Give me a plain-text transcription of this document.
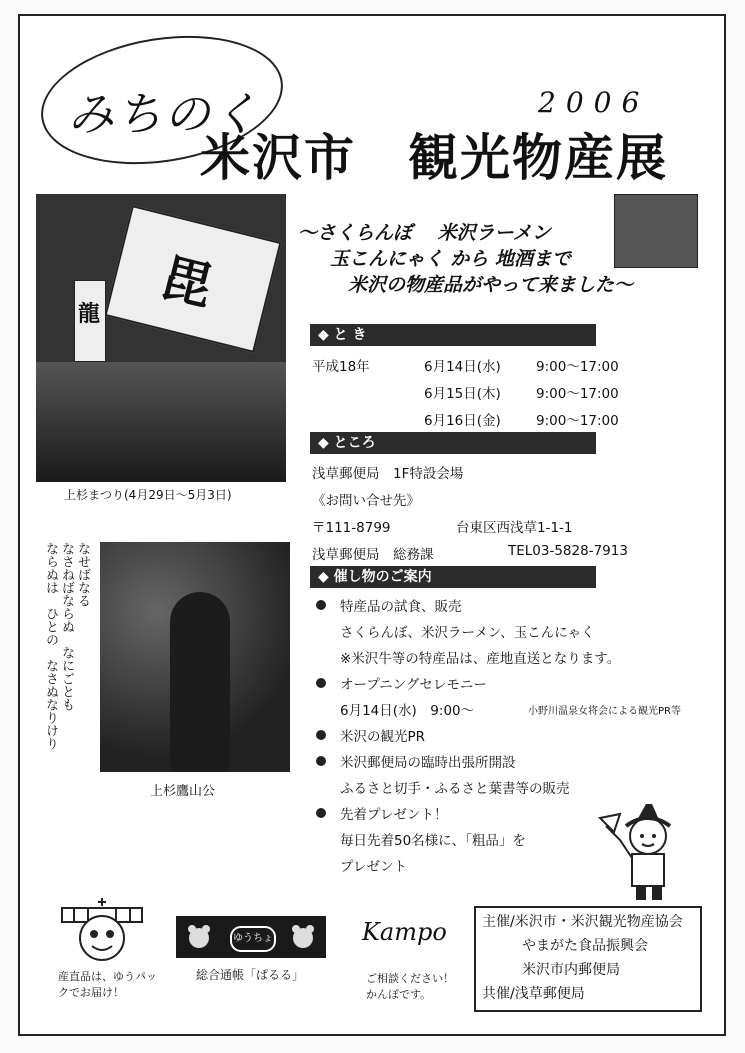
みちのく	2006
米沢市　観光物産展
毘
龍
上杉まつり(4月29日～5月3日)
上杉鷹山公
なせばなる
なさねばならぬ　なにごとも
ならぬは　ひとの　なさぬなりけり
～さくらんぼ　 米沢ラーメン
玉こんにゃく から 地酒まで
米沢の物産品がやって来ました～
◆ と き
平成18年	6月14日(水)	9:00～17:00
6月15日(木)	9:00～17:00
6月16日(金)	9:00～17:00
◆ ところ
浅草郵便局　1F特設会場
《お問い合せ先》
〒111-8799	台東区西浅草1-1-1
浅草郵便局　総務課	TEL03-5828-7913
◆ 催し物のご案内
特産品の試食、販売
さくらんぼ、米沢ラーメン、玉こんにゃく
※米沢牛等の特産品は、産地直送となります。
オープニングセレモニー
6月14日(水)　9:00～	小野川温泉女将会による観光PR等
米沢の観光PR
米沢郵便局の臨時出張所開設
ふるさと切手・ふるさと葉書等の販売
先着プレゼント！
毎日先着50名様に、「粗品」を
プレゼント
産直品は、ゆうパッ
クでお届け！
ゆうちょ
総合通帳「ぱるる」
Kampo
ご相談ください！
かんぽです。
主催/米沢市・米沢観光物産協会
やまがた食品振興会
米沢市内郵便局
共催/浅草郵便局
